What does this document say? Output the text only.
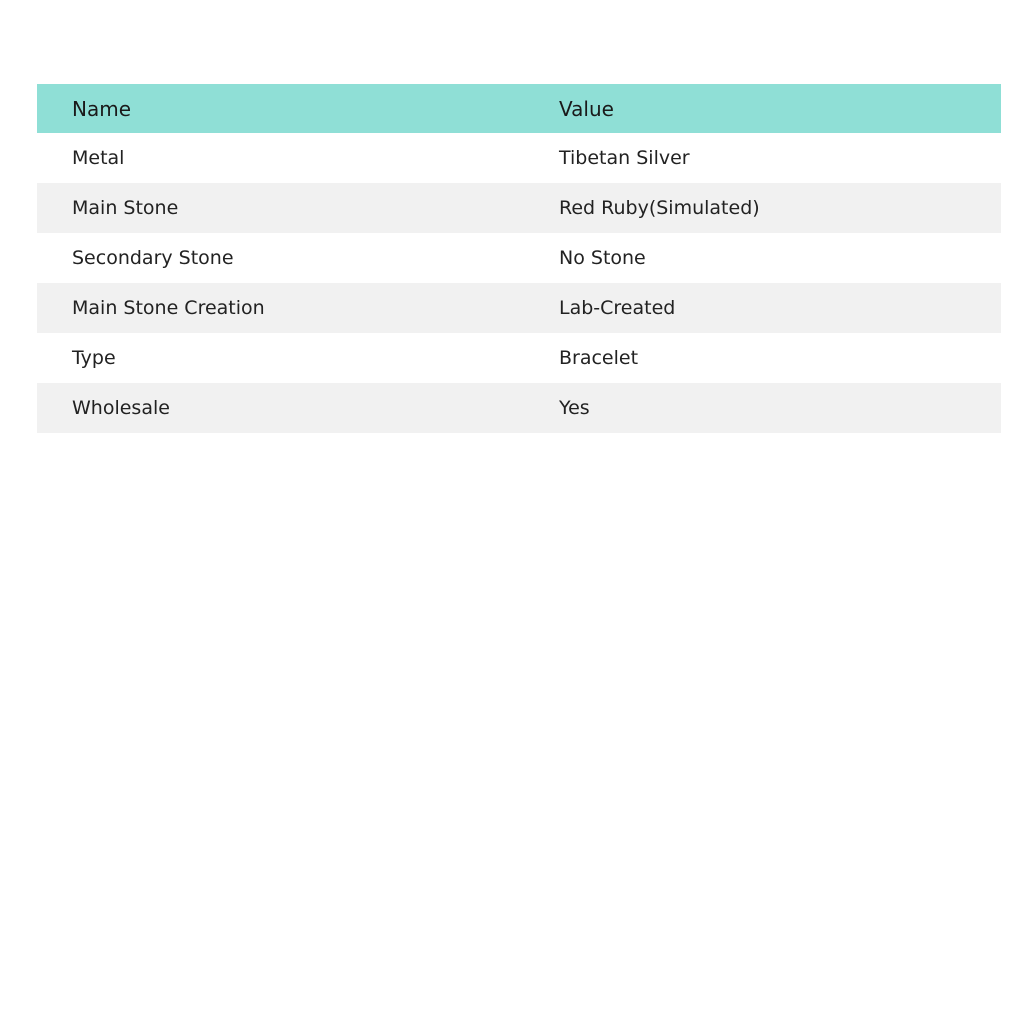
Name	Value
Metal	Tibetan Silver
Main Stone	Red Ruby(Simulated)
Secondary Stone	No Stone
Main Stone Creation	Lab-Created
Type	Bracelet
Wholesale	Yes
